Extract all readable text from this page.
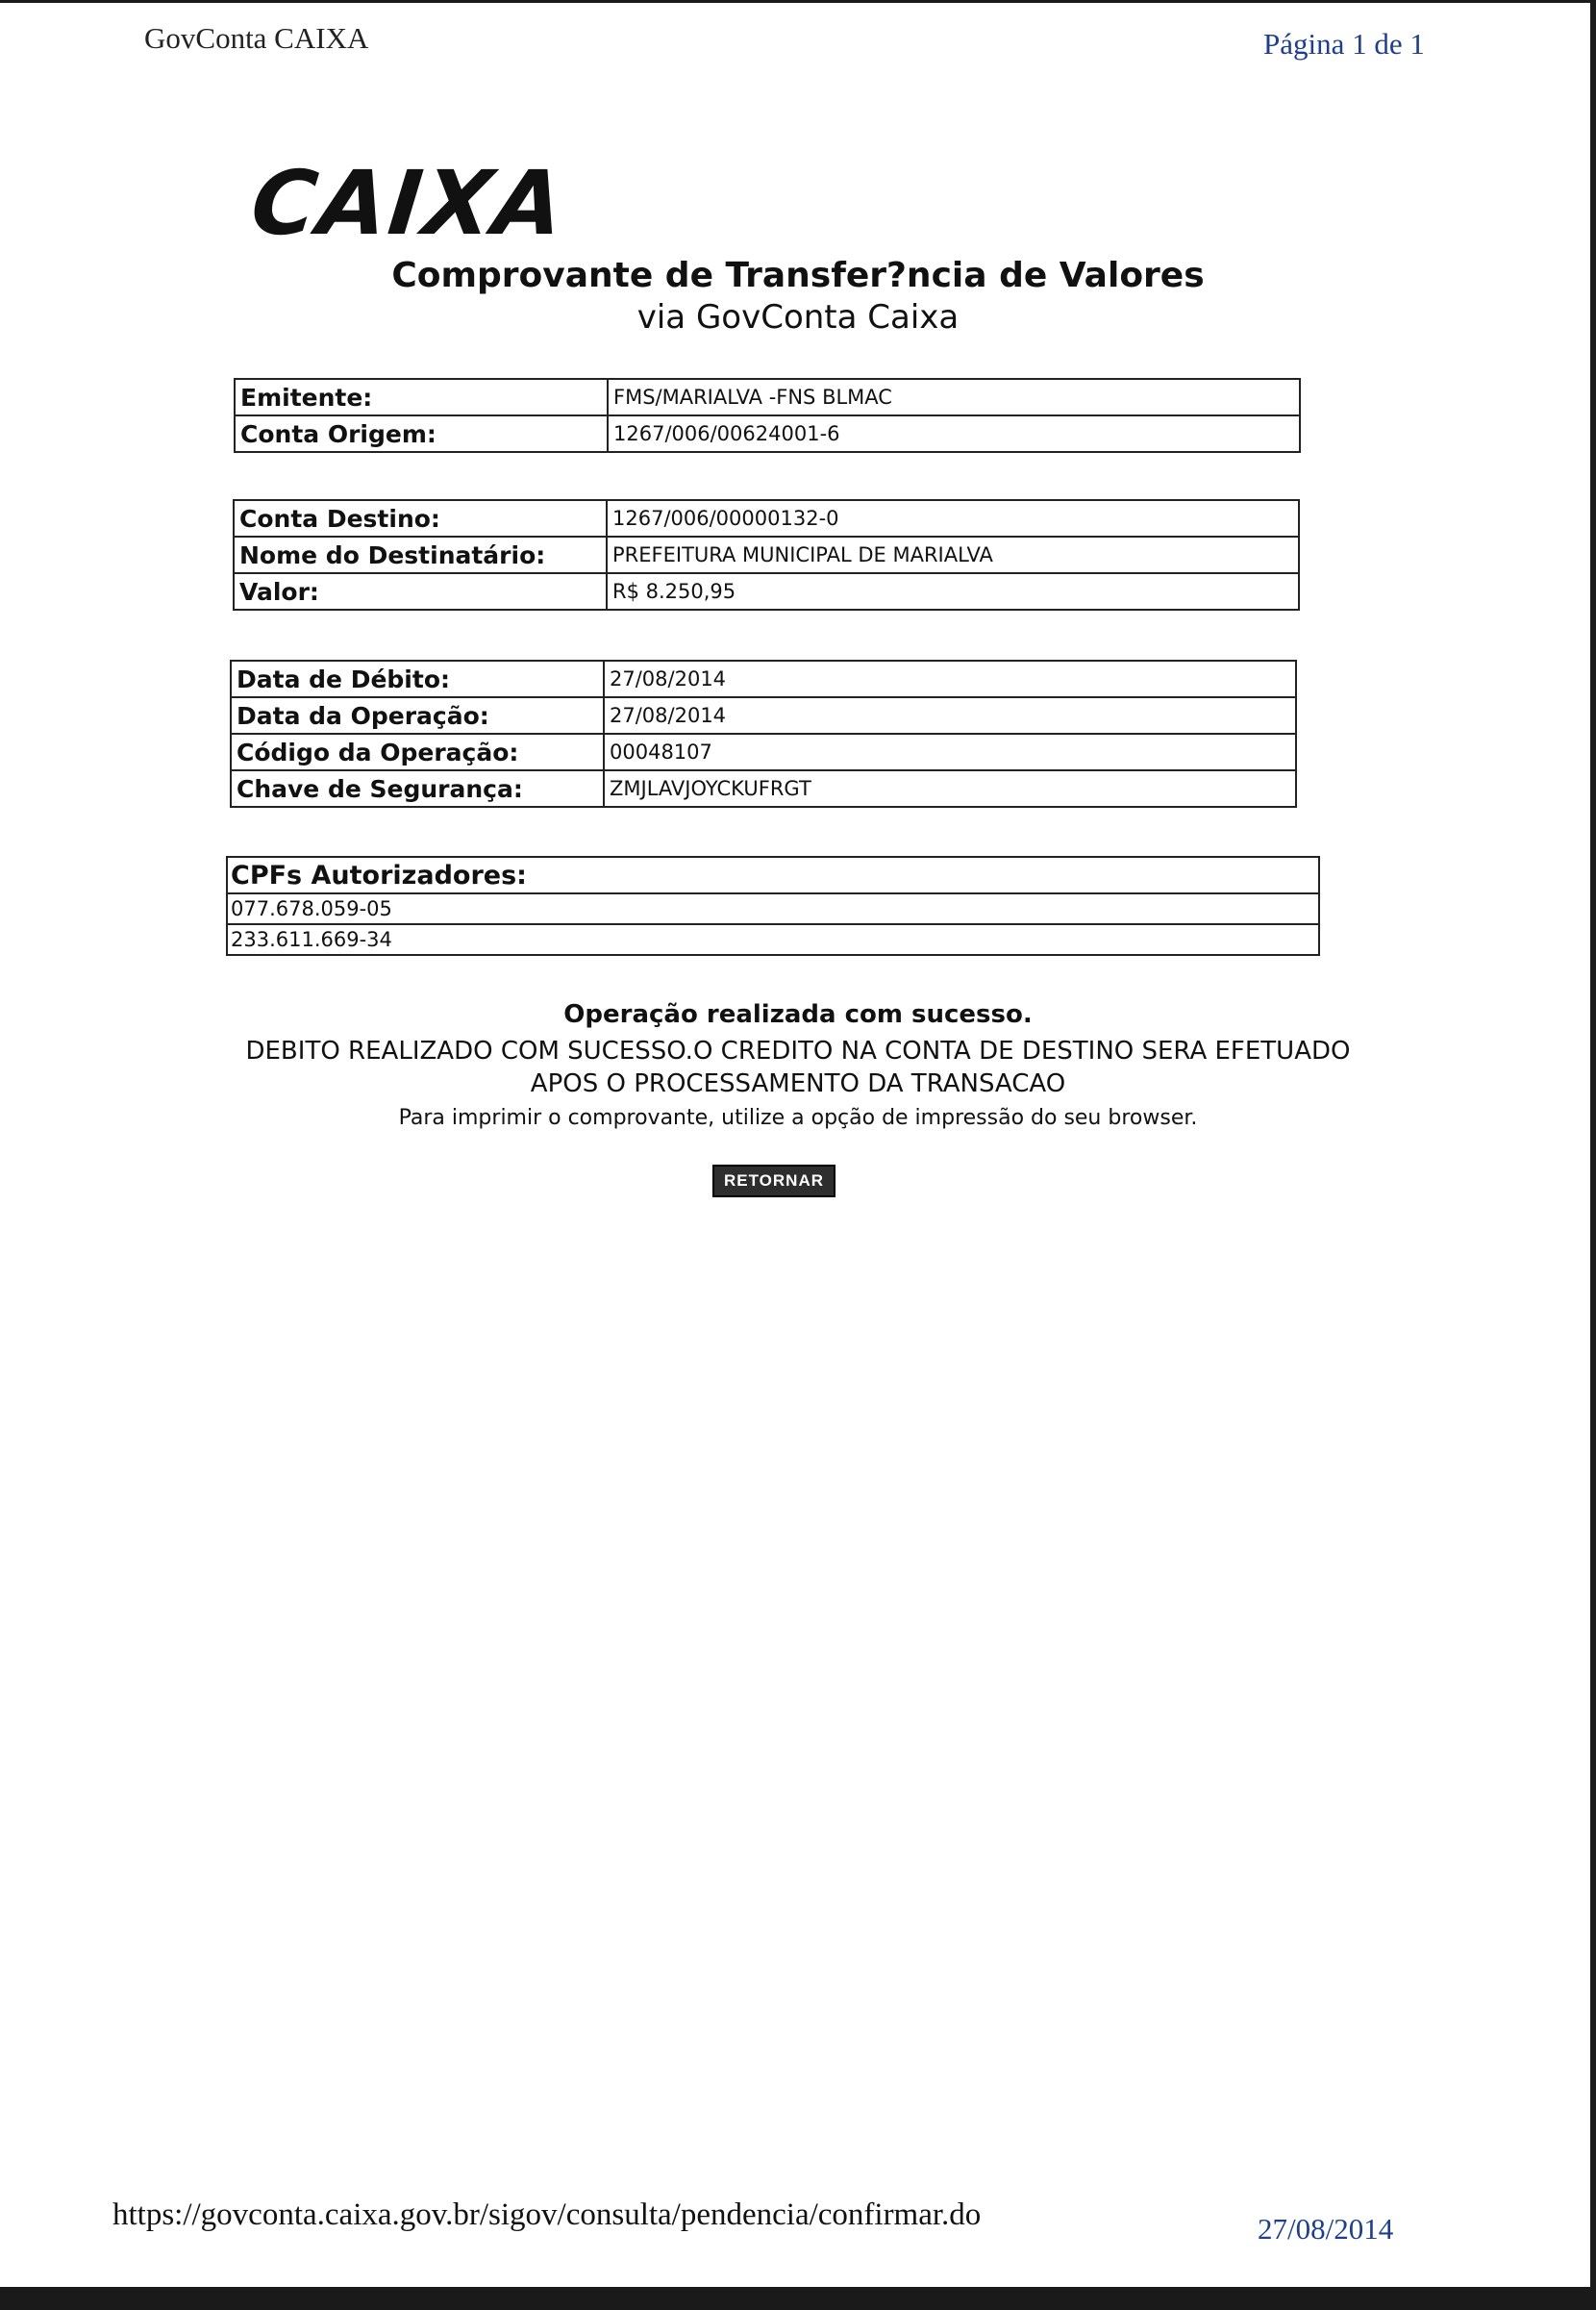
GovConta CAIXA	Página 1 de 1
CAIXA
Comprovante de Transfer?ncia de Valores
via GovConta Caixa
Emitente:	FMS/MARIALVA -FNS BLMAC
Conta Origem:	1267/006/00624001-6
Conta Destino:	1267/006/00000132-0
Nome do Destinatário:	PREFEITURA MUNICIPAL DE MARIALVA
Valor:	R$ 8.250,95
Data de Débito:	27/08/2014
Data da Operação:	27/08/2014
Código da Operação:	00048107
Chave de Segurança:	ZMJLAVJOYCKUFRGT
CPFs Autorizadores:
077.678.059-05
233.611.669-34
Operação realizada com sucesso.
DEBITO REALIZADO COM SUCESSO.O CREDITO NA CONTA DE DESTINO SERA EFETUADO
APOS O PROCESSAMENTO DA TRANSACAO
Para imprimir o comprovante, utilize a opção de impressão do seu browser.
RETORNAR
https://govconta.caixa.gov.br/sigov/consulta/pendencia/confirmar.do	27/08/2014
